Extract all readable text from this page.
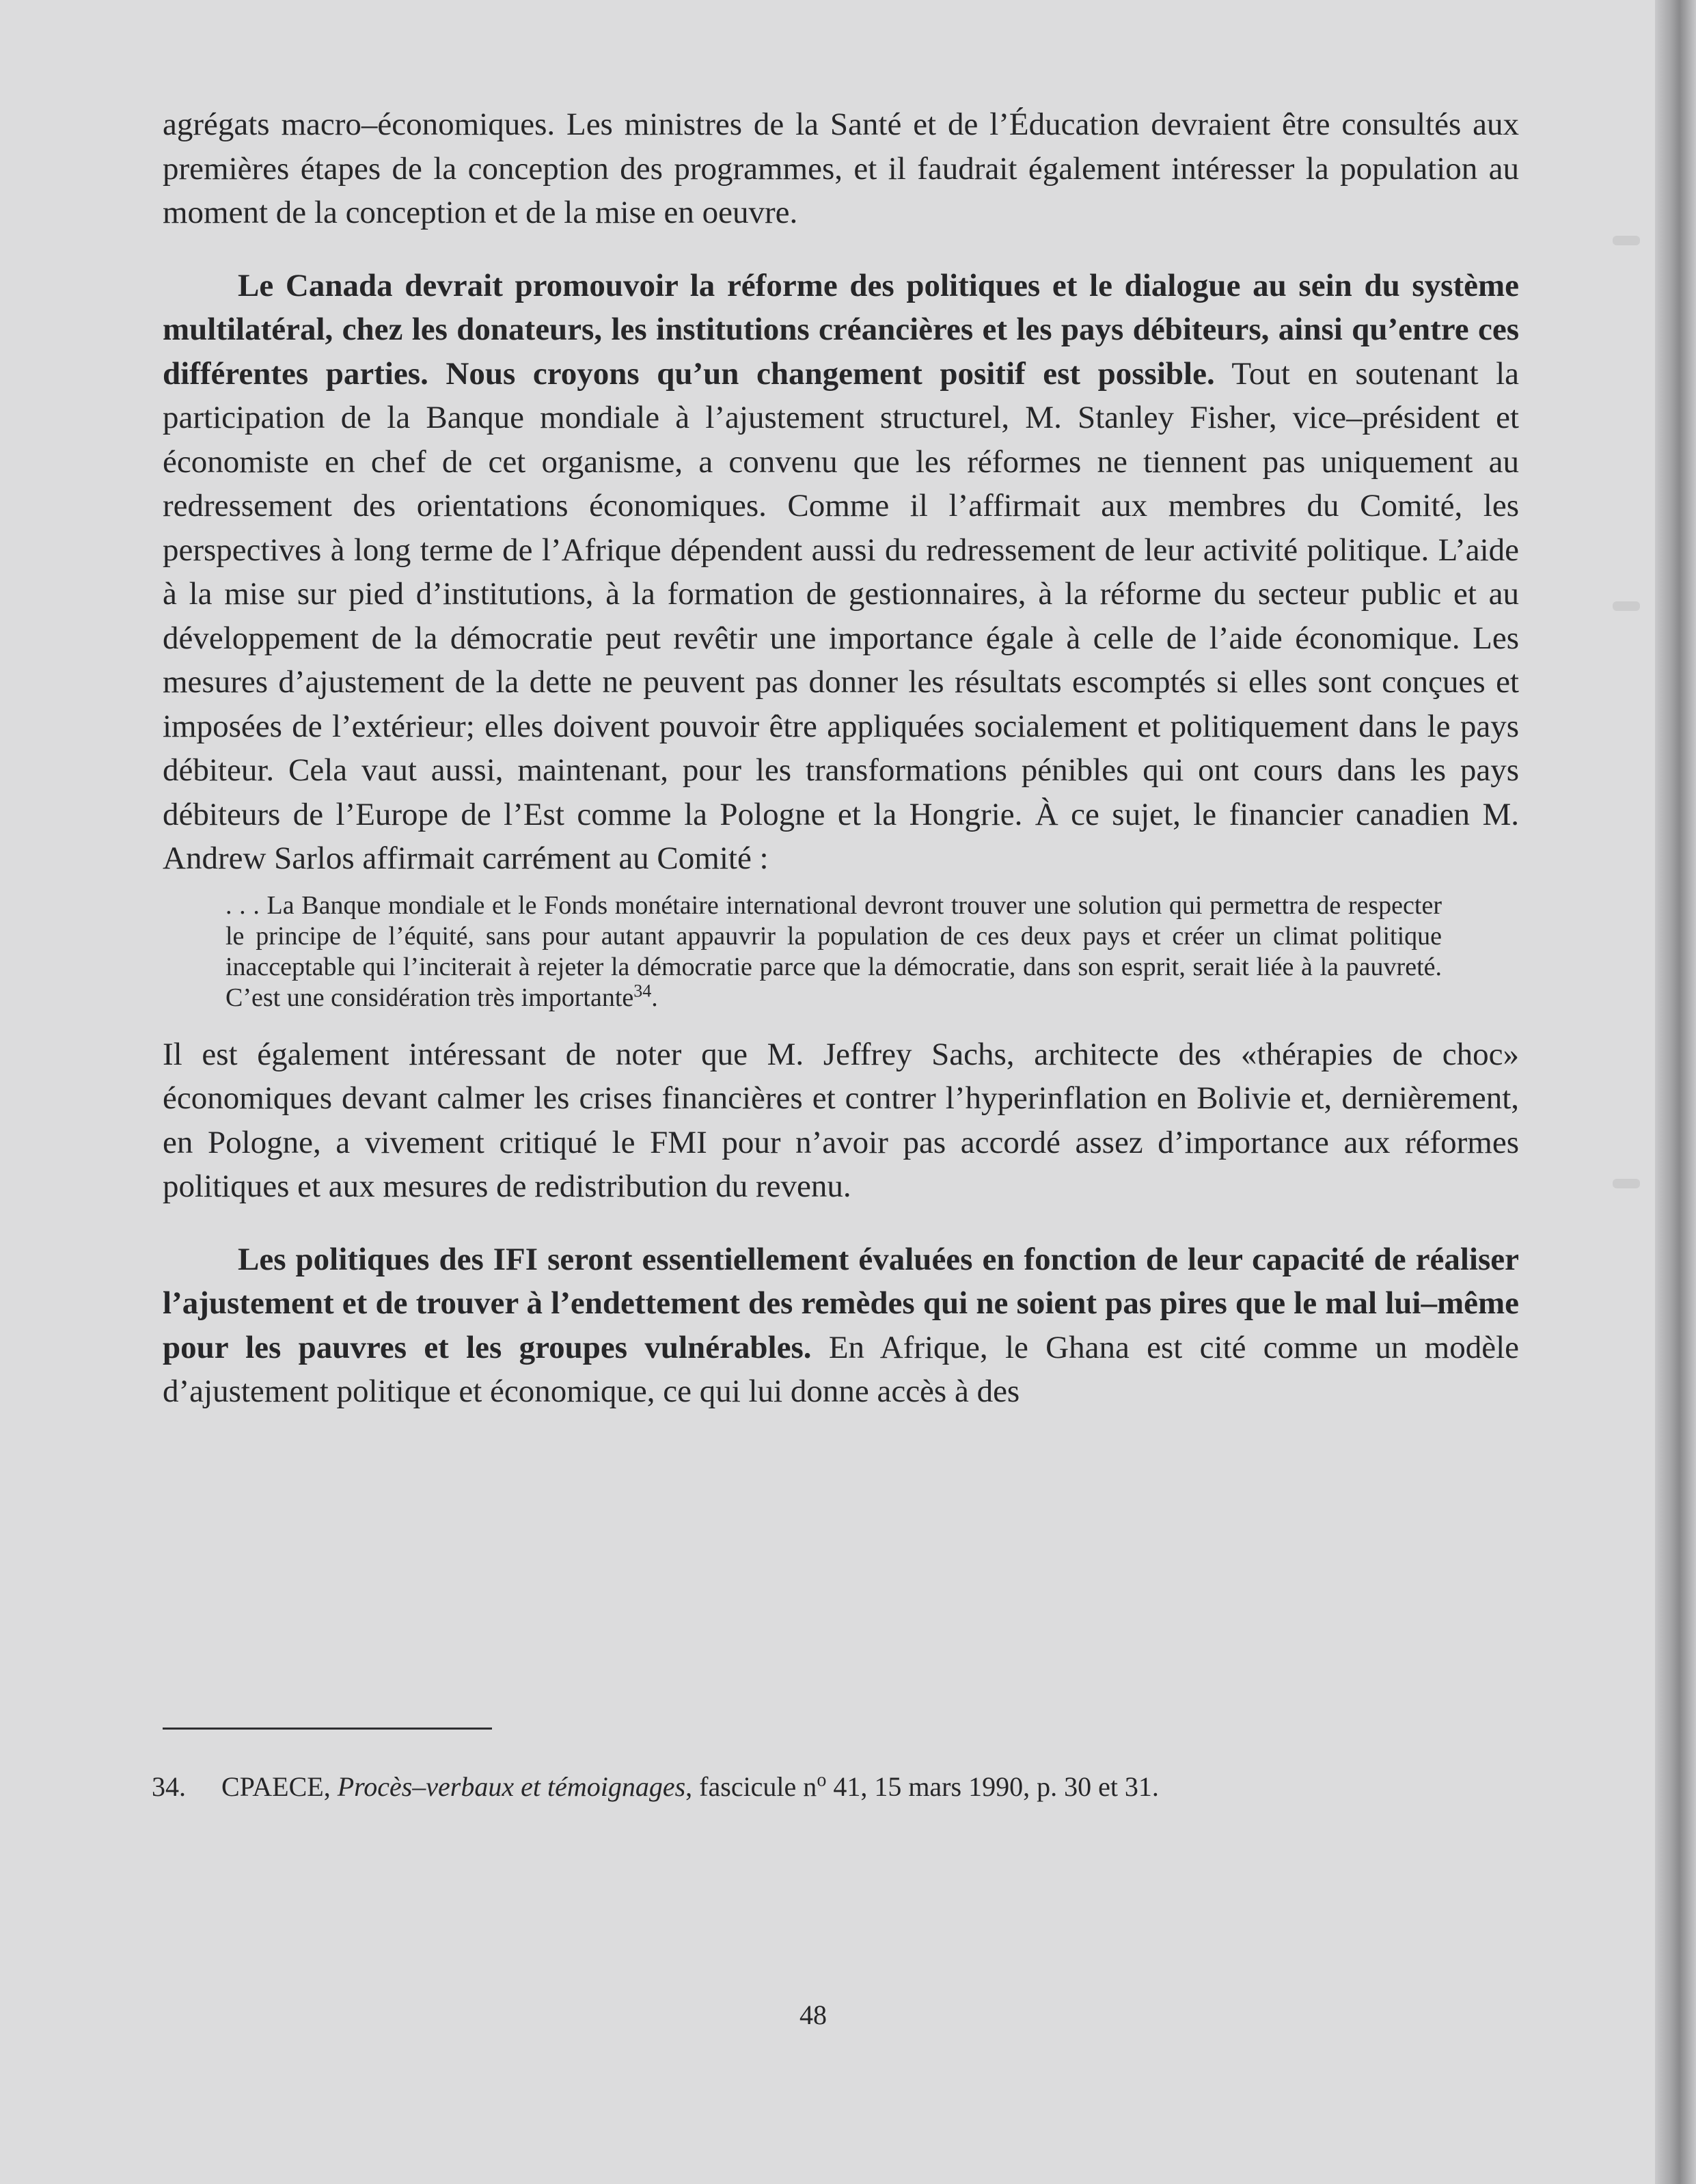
agrégats macro–économiques. Les ministres de la Santé et de l’Éducation devraient être consultés aux premières étapes de la conception des programmes, et il faudrait également intéresser la population au moment de la conception et de la mise en oeuvre.

Le Canada devrait promouvoir la réforme des politiques et le dialogue au sein du système multilatéral, chez les donateurs, les institutions créancières et les pays débiteurs, ainsi qu’entre ces différentes parties. Nous croyons qu’un changement positif est possible. Tout en soutenant la participation de la Banque mondiale à l’ajustement structurel, M. Stanley Fisher, vice–président et économiste en chef de cet organisme, a convenu que les réformes ne tiennent pas uniquement au redressement des orientations économiques. Comme il l’affirmait aux membres du Comité, les perspectives à long terme de l’Afrique dépendent aussi du redressement de leur activité politique. L’aide à la mise sur pied d’institutions, à la formation de gestionnaires, à la réforme du secteur public et au développement de la démocratie peut revêtir une importance égale à celle de l’aide économique. Les mesures d’ajustement de la dette ne peuvent pas donner les résultats escomptés si elles sont conçues et imposées de l’extérieur; elles doivent pouvoir être appliquées socialement et politiquement dans le pays débiteur. Cela vaut aussi, maintenant, pour les transformations pénibles qui ont cours dans les pays débiteurs de l’Europe de l’Est comme la Pologne et la Hongrie. À ce sujet, le financier canadien M. Andrew Sarlos affirmait carrément au Comité :

. . . La Banque mondiale et le Fonds monétaire international devront trouver une solution qui permettra de respecter le principe de l’équité, sans pour autant appauvrir la population de ces deux pays et créer un climat politique inacceptable qui l’inciterait à rejeter la démocratie parce que la démocratie, dans son esprit, serait liée à la pauvreté. C’est une considération très importante$^{34}$.

Il est également intéressant de noter que M. Jeffrey Sachs, architecte des «thérapies de choc» économiques devant calmer les crises financières et contrer l’hyperinflation en Bolivie et, dernièrement, en Pologne, a vivement critiqué le FMI pour n’avoir pas accordé assez d’importance aux réformes politiques et aux mesures de redistribution du revenu.

Les politiques des IFI seront essentiellement évaluées en fonction de leur capacité de réaliser l’ajustement et de trouver à l’endettement des remèdes qui ne soient pas pires que le mal lui–même pour les pauvres et les groupes vulnérables. En Afrique, le Ghana est cité comme un modèle d’ajustement politique et économique, ce qui lui donne accès à des

34. CPAECE, Procès–verbaux et témoignages, fascicule $n^o$ 41, 15 mars 1990, p. 30 et 31.
48
